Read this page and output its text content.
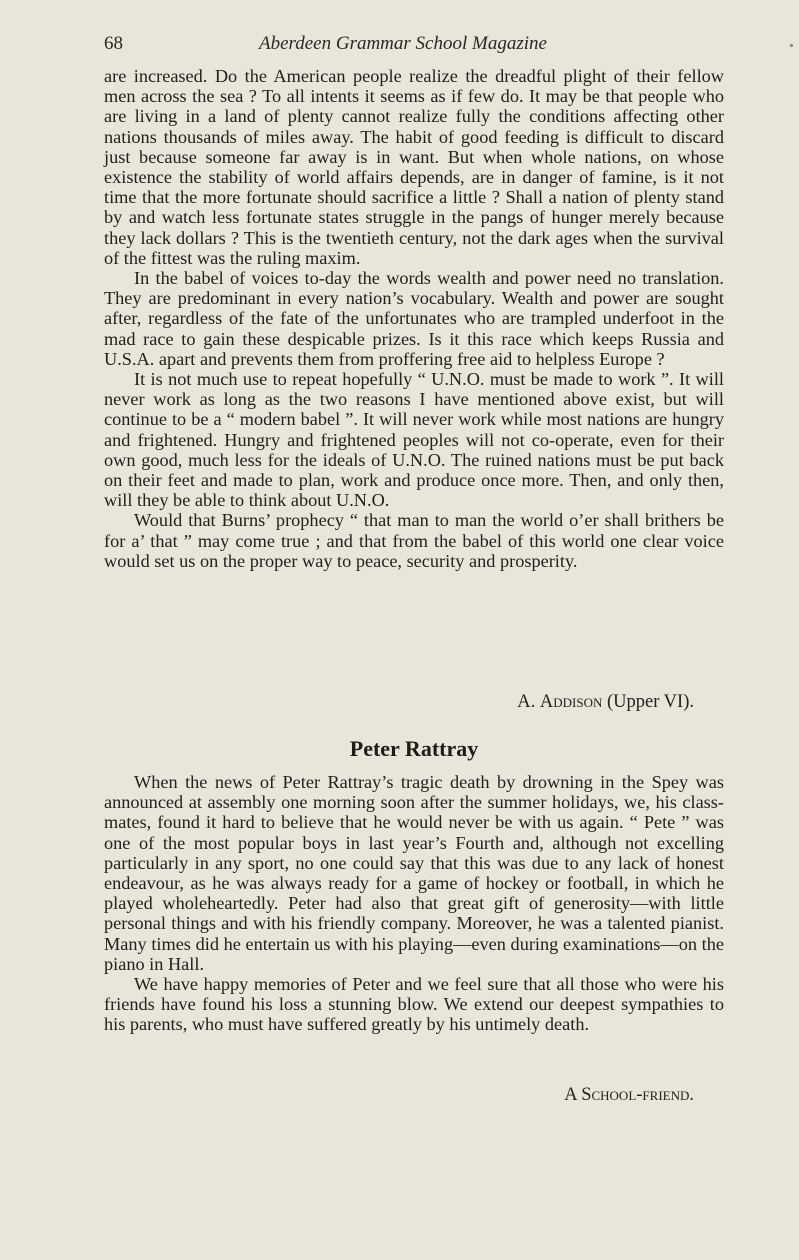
68	Aberdeen Grammar School Magazine

are increased. Do the American people realize the dreadful plight of their fellow men across the sea ? To all intents it seems as if few do. It may be that people who are living in a land of plenty cannot realize fully the conditions affecting other nations thousands of miles away. The habit of good feeding is difficult to discard just because someone far away is in want. But when whole nations, on whose existence the stability of world affairs depends, are in danger of famine, is it not time that the more fortunate should sacrifice a little ? Shall a nation of plenty stand by and watch less fortunate states struggle in the pangs of hunger merely because they lack dollars ? This is the twentieth century, not the dark ages when the survival of the fittest was the ruling maxim.

In the babel of voices to-day the words wealth and power need no translation. They are predominant in every nation’s vocabulary. Wealth and power are sought after, regardless of the fate of the unfortunates who are trampled underfoot in the mad race to gain these despicable prizes. Is it this race which keeps Russia and U.S.A. apart and prevents them from proffering free aid to helpless Europe ?

It is not much use to repeat hopefully “ U.N.O. must be made to work ”. It will never work as long as the two reasons I have mentioned above exist, but will continue to be a “ modern babel ”. It will never work while most nations are hungry and frightened. Hungry and frightened peoples will not co-operate, even for their own good, much less for the ideals of U.N.O. The ruined nations must be put back on their feet and made to plan, work and produce once more. Then, and only then, will they be able to think about U.N.O.

Would that Burns’ prophecy “ that man to man the world o’er shall brithers be for a’ that ” may come true ; and that from the babel of this world one clear voice would set us on the proper way to peace, security and prosperity.

A. Addison (Upper VI).
Peter Rattray

When the news of Peter Rattray’s tragic death by drowning in the Spey was announced at assembly one morning soon after the summer holidays, we, his class-mates, found it hard to believe that he would never be with us again. “ Pete ” was one of the most popular boys in last year’s Fourth and, although not excelling particularly in any sport, no one could say that this was due to any lack of honest endeavour, as he was always ready for a game of hockey or football, in which he played wholeheartedly. Peter had also that great gift of generosity—with little personal things and with his friendly company. Moreover, he was a talented pianist. Many times did he entertain us with his playing—even during examinations—on the piano in Hall.

We have happy memories of Peter and we feel sure that all those who were his friends have found his loss a stunning blow. We extend our deepest sympathies to his parents, who must have suffered greatly by his untimely death.

A School-friend.
